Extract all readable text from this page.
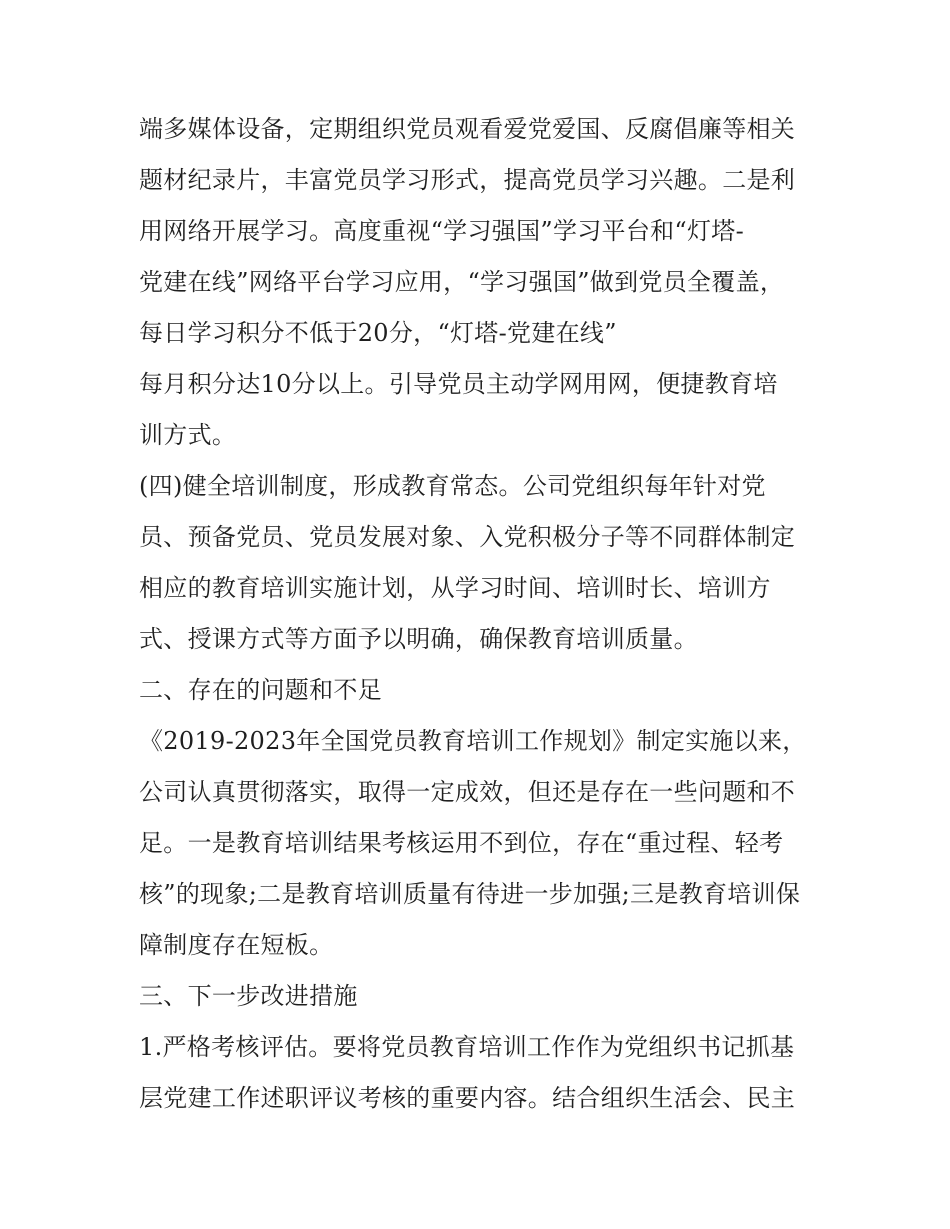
端多媒体设备，定期组织党员观看爱党爱国、反腐倡廉等相关
题材纪录片，丰富党员学习形式，提高党员学习兴趣。二是利
用网络开展学习。高度重视“学习强国”学习平台和“灯塔-
党建在线”网络平台学习应用，“学习强国”做到党员全覆盖，
每日学习积分不低于20分，“灯塔-党建在线”
每月积分达10分以上。引导党员主动学网用网，便捷教育培
训方式。
(四)健全培训制度，形成教育常态。公司党组织每年针对党
员、预备党员、党员发展对象、入党积极分子等不同群体制定
相应的教育培训实施计划，从学习时间、培训时长、培训方
式、授课方式等方面予以明确，确保教育培训质量。
二、存在的问题和不足
《2019-2023年全国党员教育培训工作规划》制定实施以来，
公司认真贯彻落实，取得一定成效，但还是存在一些问题和不
足。一是教育培训结果考核运用不到位，存在“重过程、轻考
核”的现象;二是教育培训质量有待进一步加强;三是教育培训保
障制度存在短板。
三、下一步改进措施
1.严格考核评估。要将党员教育培训工作作为党组织书记抓基
层党建工作述职评议考核的重要内容。结合组织生活会、民主
